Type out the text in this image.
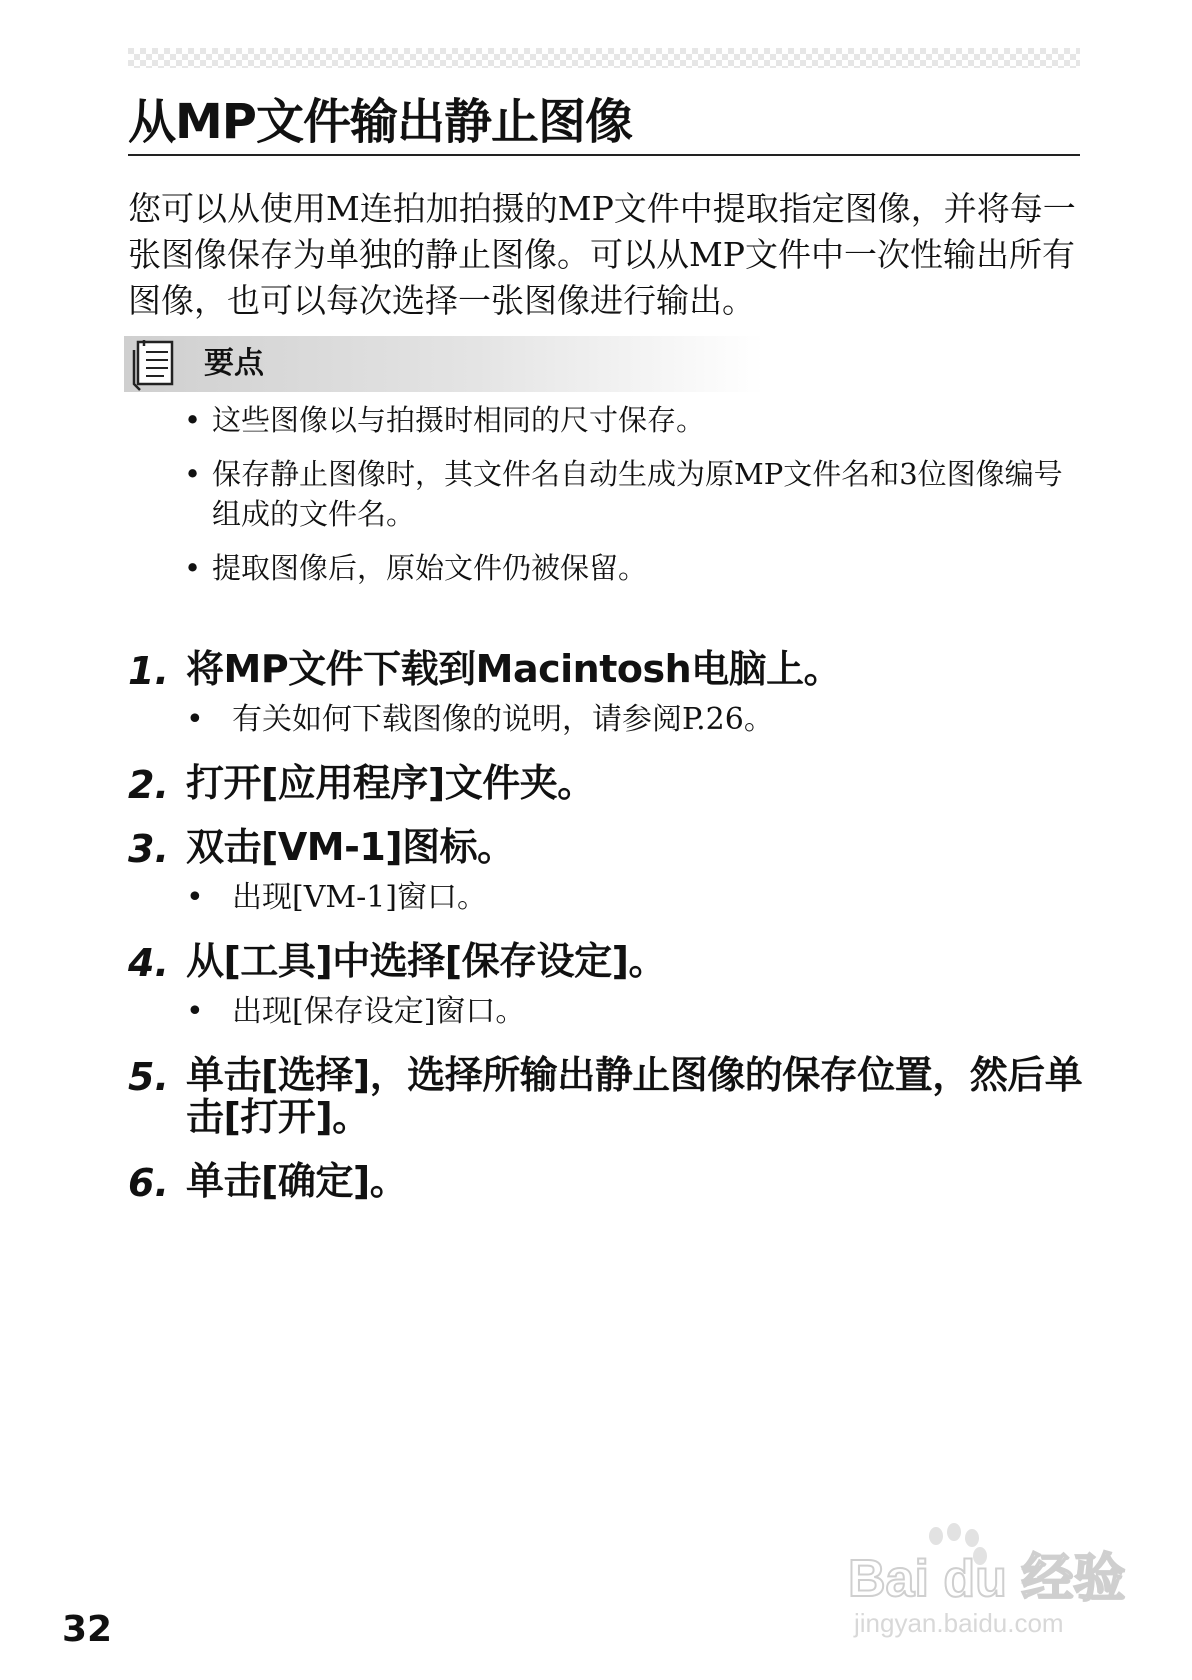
从MP文件输出静止图像

您可以从使用M连拍加拍摄的MP文件中提取指定图像，并将每一张图像保存为单独的静止图像。可以从MP文件中一次性输出所有图像，也可以每次选择一张图像进行输出。

要点
• 这些图像以与拍摄时相同的尺寸保存。
• 保存静止图像时，其文件名自动生成为原MP文件名和3位图像编号组成的文件名。
• 提取图像后，原始文件仍被保留。
1. 将MP文件下载到Macintosh电脑上。
• 有关如何下载图像的说明，请参阅P.26。
2. 打开[应用程序]文件夹。
3. 双击[VM-1]图标。
• 出现[VM-1]窗口。
4. 从[工具]中选择[保存设定]。
• 出现[保存设定]窗口。
5. 单击[选择]，选择所输出静止图像的保存位置，然后单击[打开]。
6. 单击[确定]。
32
Bai du 经验
jingyan.baidu.com
